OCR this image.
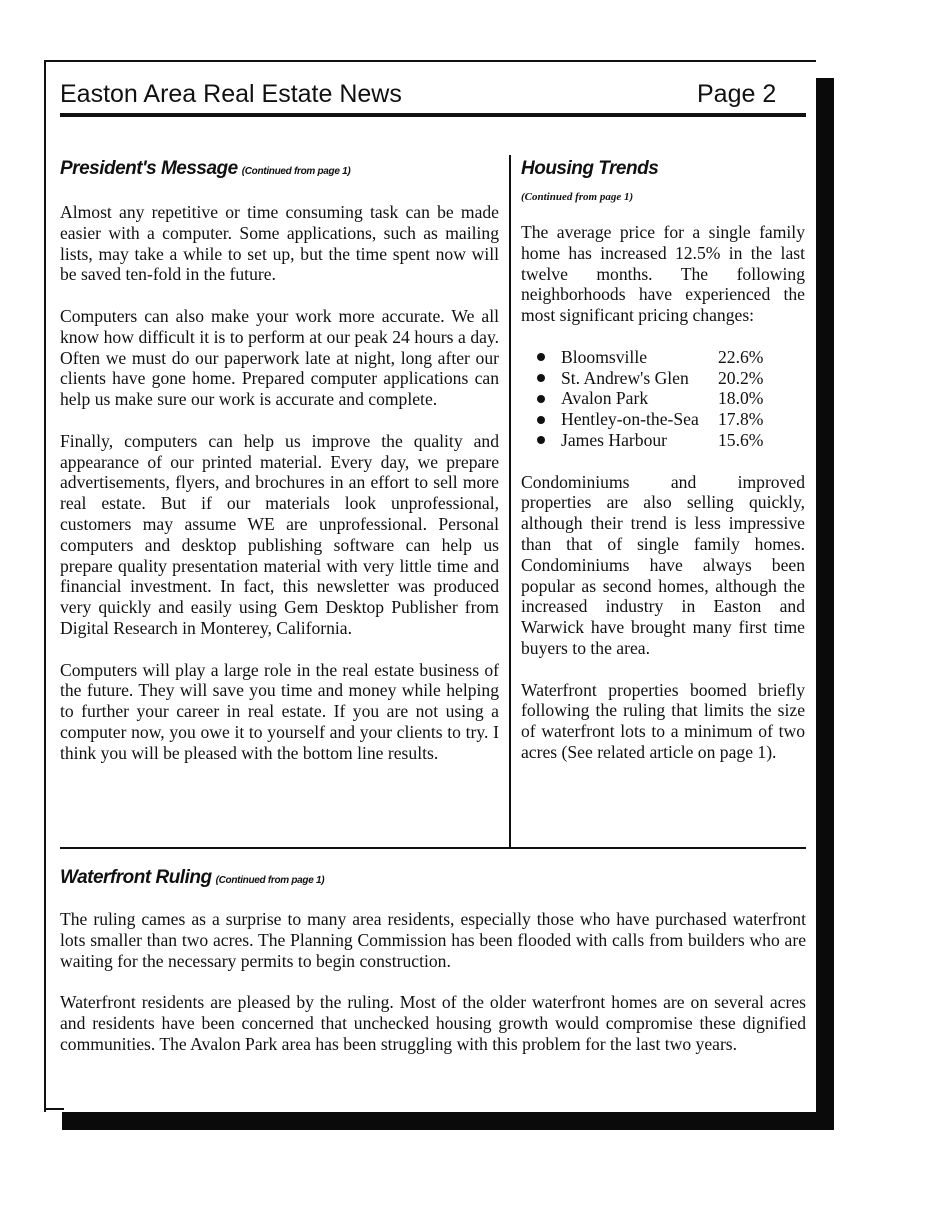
Easton Area Real Estate News	Page 2
President's Message (Continued from page 1)

Almost any repetitive or time consuming task can be made easier with a computer. Some applications, such as mailing lists, may take a while to set up, but the time spent now will be saved ten-fold in the future.

Computers can also make your work more accurate. We all know how difficult it is to perform at our peak 24 hours a day. Often we must do our paperwork late at night, long after our clients have gone home. Prepared computer applications can help us make sure our work is accurate and complete.

Finally, computers can help us improve the quality and appearance of our printed material. Every day, we prepare advertisements, flyers, and brochures in an effort to sell more real estate. But if our materials look unprofessional, customers may assume WE are unprofessional. Personal computers and desktop publishing software can help us prepare quality presentation material with very little time and financial investment. In fact, this newsletter was produced very quickly and easily using Gem Desktop Publisher from Digital Research in Monterey, California.

Computers will play a large role in the real estate business of the future. They will save you time and money while helping to further your career in real estate. If you are not using a computer now, you owe it to yourself and your clients to try. I think you will be pleased with the bottom line results.

Housing Trends
(Continued from page 1)

The average price for a single family home has increased 12.5% in the last twelve months. The following neighborhoods have experienced the most significant pricing changes:

Bloomsville	22.6%
St. Andrew's Glen	20.2%
Avalon Park	18.0%
Hentley-on-the-Sea	17.8%
James Harbour	15.6%

Condominiums and improved properties are also selling quickly, although their trend is less impressive than that of single family homes. Condominiums have always been popular as second homes, although the increased industry in Easton and Warwick have brought many first time buyers to the area.

Waterfront properties boomed briefly following the ruling that limits the size of waterfront lots to a minimum of two acres (See related article on page 1).

Waterfront Ruling (Continued from page 1)

The ruling cames as a surprise to many area residents, especially those who have purchased waterfront lots smaller than two acres. The Planning Commission has been flooded with calls from builders who are waiting for the necessary permits to begin construction.

Waterfront residents are pleased by the ruling. Most of the older waterfront homes are on several acres and residents have been concerned that unchecked housing growth would compromise these dignified communities. The Avalon Park area has been struggling with this problem for the last two years.
